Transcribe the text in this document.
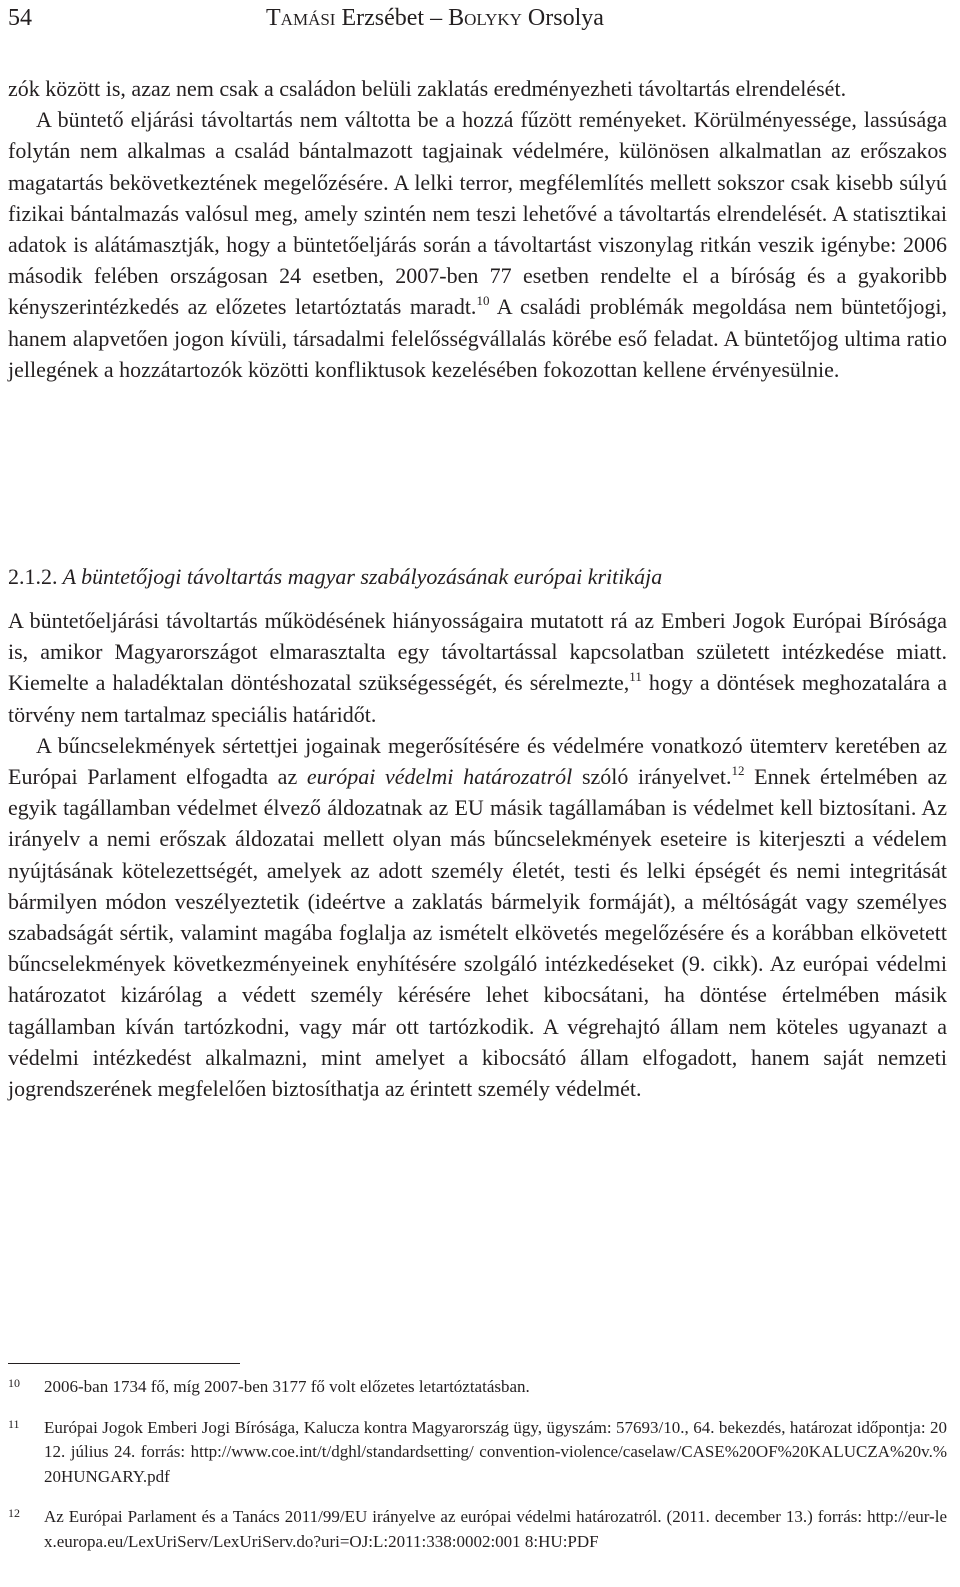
54	Tamási Erzsébet – Bolyky Orsolya

zók között is, azaz nem csak a családon belüli zaklatás eredményezheti távoltartás elrendelését.

A büntető eljárási távoltartás nem váltotta be a hozzá fűzött reményeket. Körülményessége, lassúsága folytán nem alkalmas a család bántalmazott tagjainak védelmére, különösen alkalmatlan az erőszakos magatartás bekövetkeztének megelőzésére. A lelki terror, megfélemlítés mellett sokszor csak kisebb súlyú fizikai bántalmazás valósul meg, amely szintén nem teszi lehetővé a távoltartás elrendelését. A statisztikai adatok is alátámasztják, hogy a büntetőeljárás során a távoltartást viszonylag ritkán veszik igénybe: 2006 második felében országosan 24 esetben, 2007-ben 77 esetben rendelte el a bíróság és a gyakoribb kényszerintézkedés az előzetes letartóztatás maradt.$^{10}$ A családi problémák megoldása nem büntetőjogi, hanem alapvetően jogon kívüli, társadalmi felelősségvállalás körébe eső feladat. A büntetőjog ultima ratio jellegének a hozzátartozók közötti konfliktusok kezelésében fokozottan kellene érvényesülnie.

2.1.2. A büntetőjogi távoltartás magyar szabályozásának európai kritikája

A büntetőeljárási távoltartás működésének hiányosságaira mutatott rá az Emberi Jogok Európai Bírósága is, amikor Magyarországot elmarasztalta egy távoltartással kapcsolatban született intézkedése miatt. Kiemelte a haladéktalan döntéshozatal szükségességét, és sérelmezte,$^{11}$ hogy a döntések meghozatalára a törvény nem tartalmaz speciális határidőt.

A bűncselekmények sértettjei jogainak megerősítésére és védelmére vonatkozó ütemterv keretében az Európai Parlament elfogadta az európai védelmi határozatról szóló irányelvet.$^{12}$ Ennek értelmében az egyik tagállamban védelmet élvező áldozatnak az EU másik tagállamában is védelmet kell biztosítani. Az irányelv a nemi erőszak áldozatai mellett olyan más bűncselekmények eseteire is kiterjeszti a védelem nyújtásának kötelezettségét, amelyek az adott személy életét, testi és lelki épségét és nemi integritását bármilyen módon veszélyeztetik (ideértve a zaklatás bármelyik formáját), a méltóságát vagy személyes szabadságát sértik, valamint magába foglalja az ismételt elkövetés megelőzésére és a korábban elkövetett bűncselekmények következményeinek enyhítésére szolgáló intézkedéseket (9. cikk). Az európai védelmi határozatot kizárólag a védett személy kérésére lehet kibocsátani, ha döntése értelmében másik tagállamban kíván tartózkodni, vagy már ott tartózkodik. A végrehajtó állam nem köteles ugyanazt a védelmi intézkedést alkalmazni, mint amelyet a kibocsátó állam elfogadott, hanem saját nemzeti jogrendszerének megfelelően biztosíthatja az érintett személy védelmét.

10 2006-ban 1734 fő, míg 2007-ben 3177 fő volt előzetes letartóztatásban.
11 Európai Jogok Emberi Jogi Bírósága, Kalucza kontra Magyarország ügy, ügyszám: 57693/10., 64. bekezdés, határozat időpontja: 2012. július 24. forrás: http://www.coe.int/t/dghl/standardsetting/ convention-violence/caselaw/CASE%20OF%20KALUCZA%20v.%20HUNGARY.pdf
12 Az Európai Parlament és a Tanács 2011/99/EU irányelve az európai védelmi határozatról. (2011. december 13.) forrás: http://eur-lex.europa.eu/LexUriServ/LexUriServ.do?uri=OJ:L:2011:338:0002:001 8:HU:PDF
